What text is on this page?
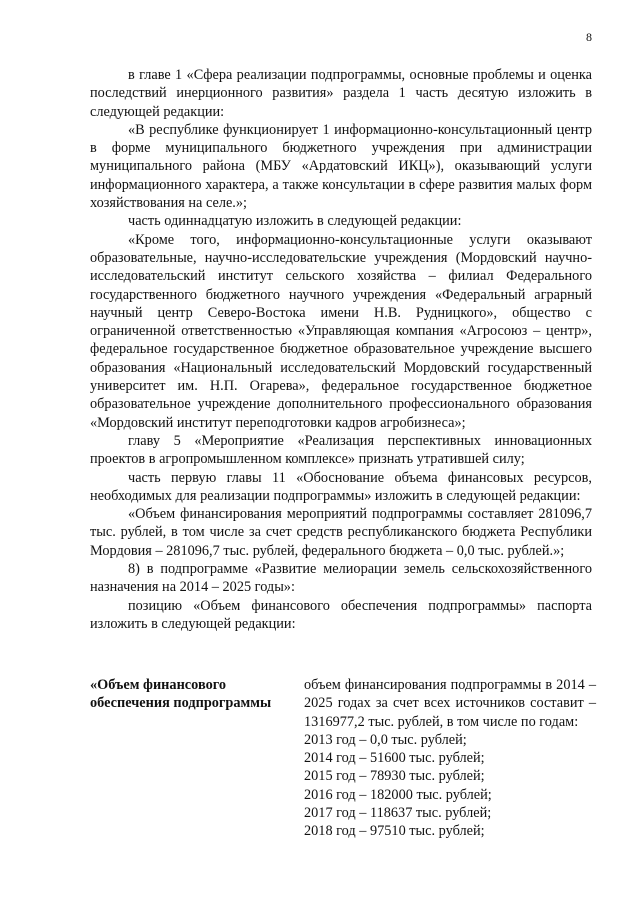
8

в главе 1 «Сфера реализации подпрограммы, основные проблемы и оценка последствий инерционного развития» раздела 1 часть десятую изложить в следующей редакции:

«В республике функционирует 1 информационно-консультационный центр в форме муниципального бюджетного учреждения при администрации муниципального района (МБУ «Ардатовский ИКЦ»), оказывающий услуги информационного характера, а также консультации в сфере развития малых форм хозяйствования на селе.»;

часть одиннадцатую изложить в следующей редакции:

«Кроме того, информационно-консультационные услуги оказывают образовательные, научно-исследовательские учреждения (Мордовский научно-исследовательский институт сельского хозяйства – филиал Федерального государственного бюджетного научного учреждения «Федеральный аграрный научный центр Северо-Востока имени Н.В. Рудницкого», общество с ограниченной ответственностью «Управляющая компания «Агросоюз – центр», федеральное государственное бюджетное образовательное учреждение высшего образования «Национальный исследовательский Мордовский государственный университет им. Н.П. Огарева», федеральное государственное бюджетное образовательное учреждение дополнительного профессионального образования «Мордовский институт переподготовки кадров агробизнеса»;

главу 5 «Мероприятие «Реализация перспективных инновационных проектов в агропромышленном комплексе» признать утратившей силу;

часть первую главы 11 «Обоснование объема финансовых ресурсов, необходимых для реализации подпрограммы» изложить в следующей редакции:

«Объем финансирования мероприятий подпрограммы составляет 281096,7 тыс. рублей, в том числе за счет средств республиканского бюджета Республики Мордовия – 281096,7 тыс. рублей, федерального бюджета – 0,0 тыс. рублей.»;

8) в подпрограмме «Развитие мелиорации земель сельскохозяйственного назначения на 2014 – 2025 годы»:

позицию «Объем финансового обеспечения подпрограммы» паспорта изложить в следующей редакции:

«Объем финансового обеспечения подпрограммы
объем финансирования подпрограммы в 2014 – 2025 годах за счет всех источников составит – 1316977,2 тыс. рублей, в том числе по годам:
2013 год – 0,0 тыс. рублей;
2014 год – 51600 тыс. рублей;
2015 год – 78930 тыс. рублей;
2016 год – 182000 тыс. рублей;
2017 год – 118637 тыс. рублей;
2018 год – 97510 тыс. рублей;
